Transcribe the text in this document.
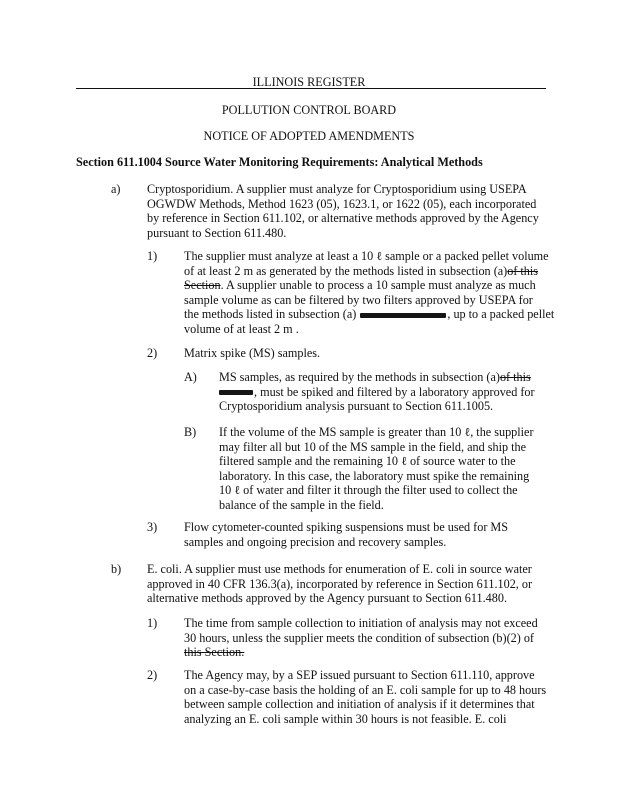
ILLINOIS REGISTER
POLLUTION CONTROL BOARD
NOTICE OF ADOPTED AMENDMENTS
Section 611.1004 Source Water Monitoring Requirements: Analytical Methods
a) Cryptosporidium. A supplier must analyze for Cryptosporidium using USEPA
OGWDW Methods, Method 1623 (05), 1623.1, or 1622 (05), each incorporated
by reference in Section 611.102, or alternative methods approved by the Agency
pursuant to Section 611.480.
1) The supplier must analyze at least a 10 ℓ sample or a packed pellet volume
of at least 2 m as generated by the methods listed in subsection (a)of this
Section. A supplier unable to process a 10 sample must analyze as much
sample volume as can be filtered by two filters approved by USEPA for
the methods listed in subsection (a)	, up to a packed pellet
volume of at least 2 m .
2) Matrix spike (MS) samples.
A) MS samples, as required by the methods in subsection (a)of this
, must be spiked and filtered by a laboratory approved for
Cryptosporidium analysis pursuant to Section 611.1005.
B) If the volume of the MS sample is greater than 10 ℓ, the supplier
may filter all but 10 of the MS sample in the field, and ship the
filtered sample and the remaining 10 ℓ of source water to the
laboratory. In this case, the laboratory must spike the remaining
10 ℓ of water and filter it through the filter used to collect the
balance of the sample in the field.
3) Flow cytometer-counted spiking suspensions must be used for MS
samples and ongoing precision and recovery samples.
b) E. coli. A supplier must use methods for enumeration of E. coli in source water
approved in 40 CFR 136.3(a), incorporated by reference in Section 611.102, or
alternative methods approved by the Agency pursuant to Section 611.480.
1) The time from sample collection to initiation of analysis may not exceed
30 hours, unless the supplier meets the condition of subsection (b)(2) of
this Section.
2) The Agency may, by a SEP issued pursuant to Section 611.110, approve
on a case-by-case basis the holding of an E. coli sample for up to 48 hours
between sample collection and initiation of analysis if it determines that
analyzing an E. coli sample within 30 hours is not feasible. E. coli
